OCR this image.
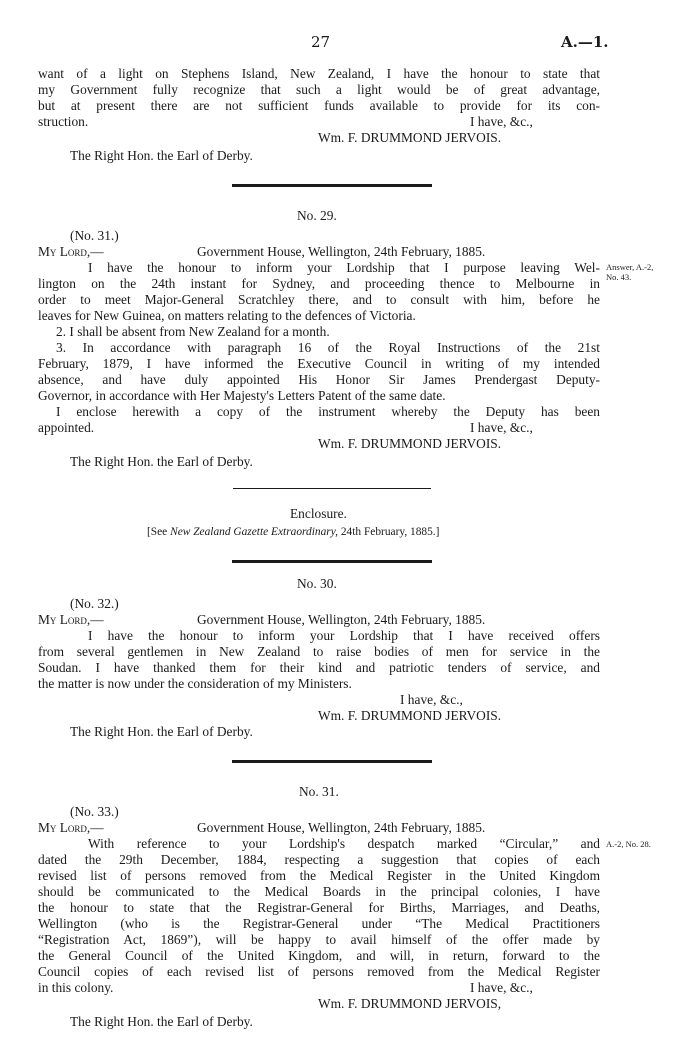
27	A.—1.
want of a light on Stephens Island, New Zealand, I have the honour to state that
my Government fully recognize that such a light would be of great advantage,
but at present there are not sufficient funds available to provide for its con-
struction.	I have, &c.,
Wm. F. DRUMMOND JERVOIS.
The Right Hon. the Earl of Derby.
No. 29.
(No. 31.)
My Lord,—	Government House, Wellington, 24th February, 1885.
Answer, A.-2,
No. 43.
I have the honour to inform your Lordship that I purpose leaving Wel-
lington on the 24th instant for Sydney, and proceeding thence to Melbourne in
order to meet Major-General Scratchley there, and to consult with him, before he
leaves for New Guinea, on matters relating to the defences of Victoria.
2. I shall be absent from New Zealand for a month.
3. In accordance with paragraph 16 of the Royal Instructions of the 21st
February, 1879, I have informed the Executive Council in writing of my intended
absence, and have duly appointed His Honor Sir James Prendergast Deputy-
Governor, in accordance with Her Majesty's Letters Patent of the same date.
I enclose herewith a copy of the instrument whereby the Deputy has been
appointed.	I have, &c.,
Wm. F. DRUMMOND JERVOIS.
The Right Hon. the Earl of Derby.
Enclosure.
[See New Zealand Gazette Extraordinary, 24th February, 1885.]
No. 30.
(No. 32.)
My Lord,—	Government House, Wellington, 24th February, 1885.
I have the honour to inform your Lordship that I have received offers
from several gentlemen in New Zealand to raise bodies of men for service in the
Soudan. I have thanked them for their kind and patriotic tenders of service, and
the matter is now under the consideration of my Ministers.
I have, &c.,
Wm. F. DRUMMOND JERVOIS.
The Right Hon. the Earl of Derby.
No. 31.
(No. 33.)
My Lord,—	Government House, Wellington, 24th February, 1885.
A.-2, No. 28.
With reference to your Lordship's despatch marked “Circular,” and
dated the 29th December, 1884, respecting a suggestion that copies of each
revised list of persons removed from the Medical Register in the United Kingdom
should be communicated to the Medical Boards in the principal colonies, I have
the honour to state that the Registrar-General for Births, Marriages, and Deaths,
Wellington (who is the Registrar-General under “The Medical Practitioners
“Registration Act, 1869”), will be happy to avail himself of the offer made by
the General Council of the United Kingdom, and will, in return, forward to the
Council copies of each revised list of persons removed from the Medical Register
in this colony.	I have, &c.,
Wm. F. DRUMMOND JERVOIS,
The Right Hon. the Earl of Derby.
